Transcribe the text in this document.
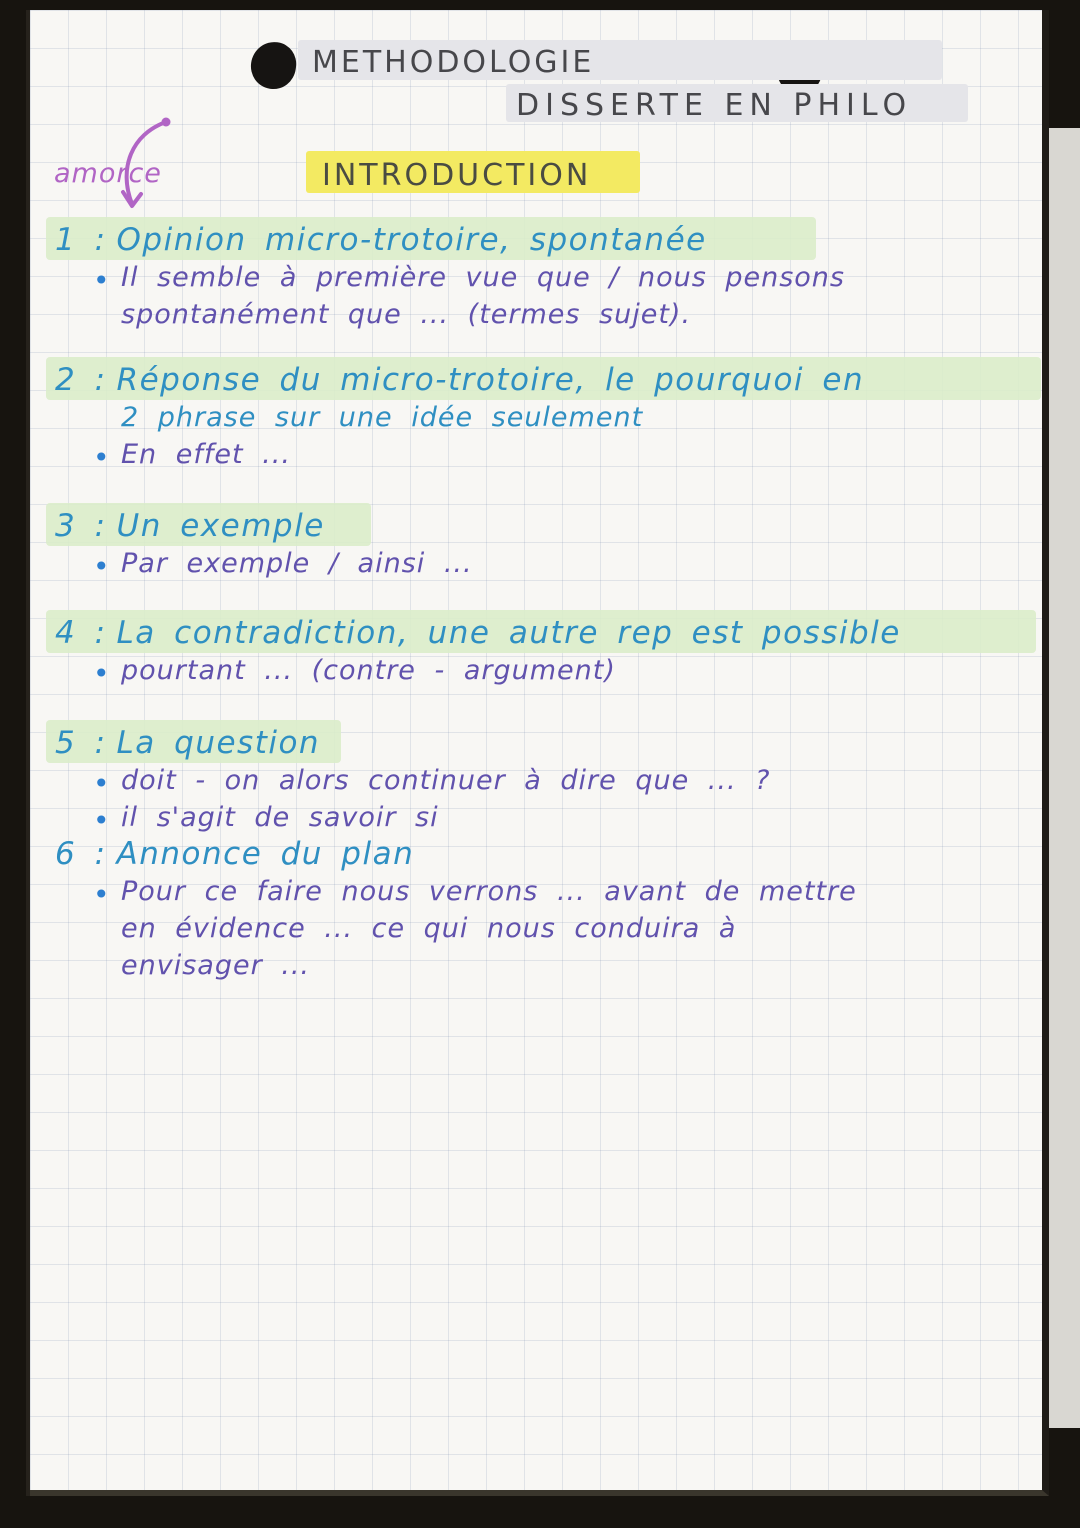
METHODOLOGIE
DISSERTE EN PHILO
INTRODUCTION
amorce
1 : Opinion micro-trotoire, spontanée
• Il semble à première vue que / nous pensons
spontanément que ... (termes sujet).
2 : Réponse du micro-trotoire, le pourquoi en
2 phrase sur une idée seulement
• En effet ...
3 : Un exemple
• Par exemple / ainsi ...
4 : La contradiction, une autre rep est possible
• pourtant ... (contre - argument)
5 : La question
• doit - on alors continuer à dire que ... ?
• il s'agit de savoir si
6 : Annonce du plan
• Pour ce faire nous verrons ... avant de mettre
en évidence ... ce qui nous conduira à
envisager ...
